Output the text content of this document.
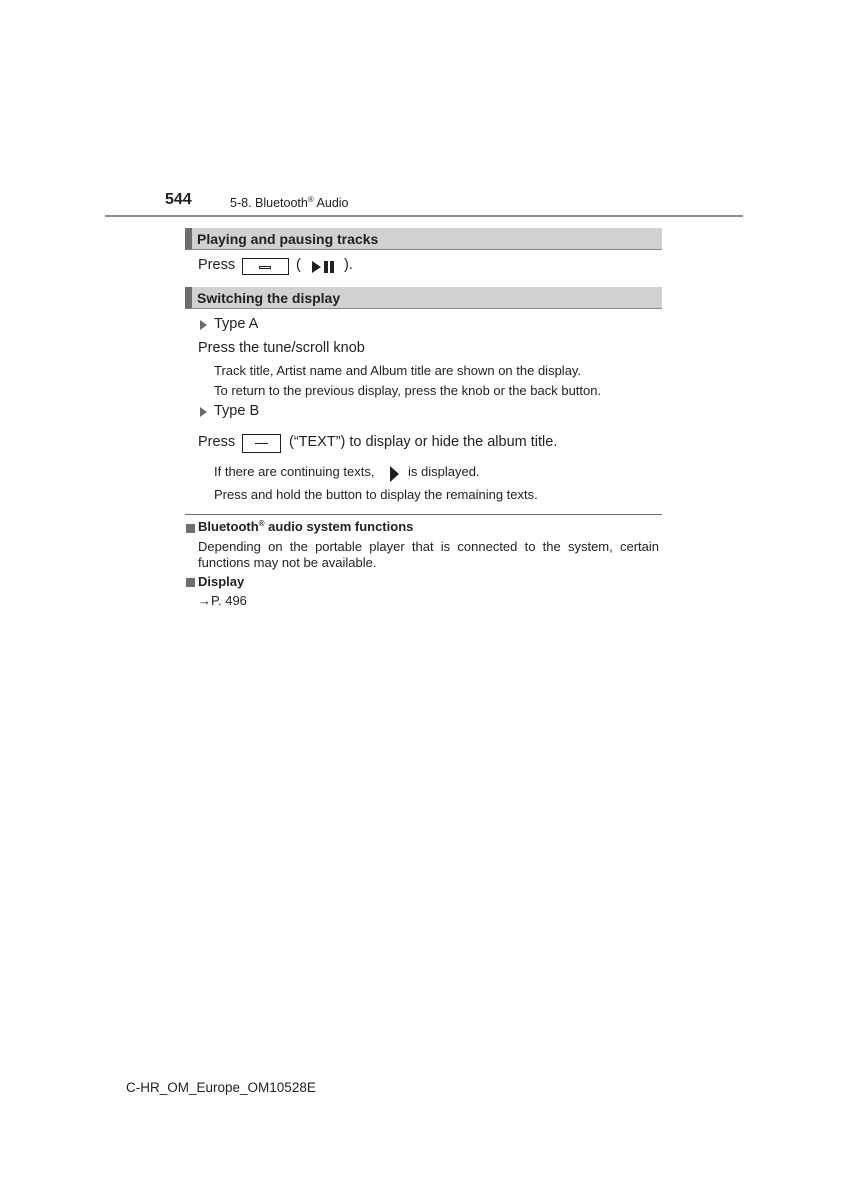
544	5-8. Bluetooth® Audio
Playing and pausing tracks
Press	(	).
Switching the display
Type A
Press the tune/scroll knob
Track title, Artist name and Album title are shown on the display.
To return to the previous display, press the knob or the back button.
Type B
Press	(“TEXT”) to display or hide the album title.
If there are continuing texts,	is displayed.
Press and hold the button to display the remaining texts.
Bluetooth® audio system functions
Depending on the portable player that is connected to the system, certain functions may not be available.
Display
→P. 496
C-HR_OM_Europe_OM10528E
